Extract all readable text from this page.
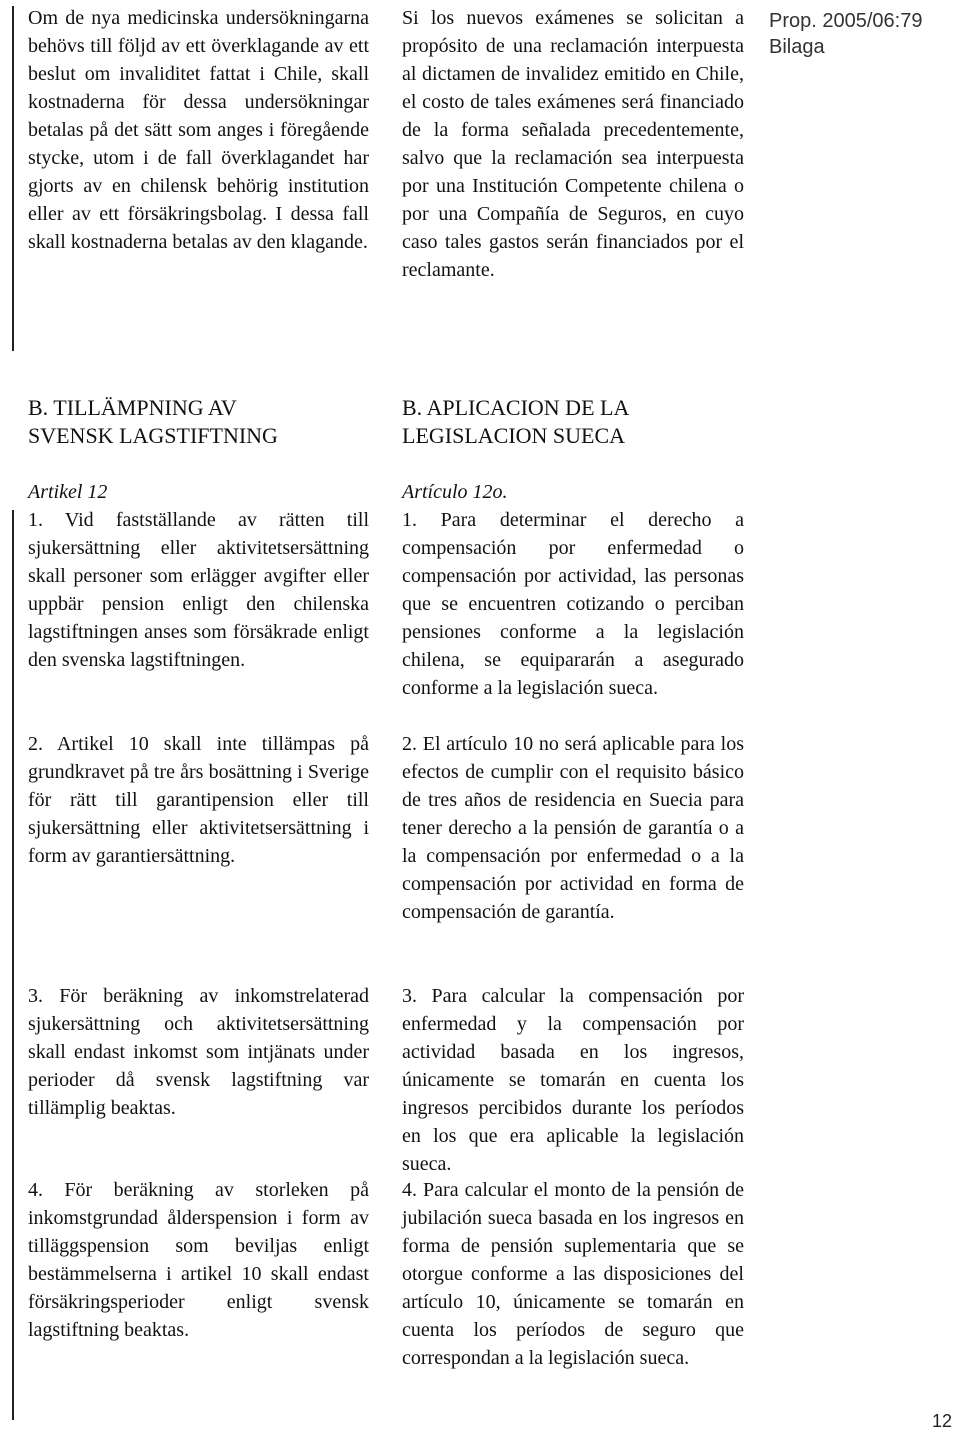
Prop. 2005/06:79
Bilaga

Om de nya medicinska undersökningarna behövs till följd av ett överklagande av ett beslut om invaliditet fattat i Chile, skall kostnaderna för dessa undersökningar betalas på det sätt som anges i föregående stycke, utom i de fall överklagandet har gjorts av en chilensk behörig institution eller av ett försäkringsbolag. I dessa fall skall kostnaderna betalas av den klagande.

Si los nuevos exámenes se solicitan a propósito de una reclamación interpuesta al dictamen de invalidez emitido en Chile, el costo de tales exámenes será financiado de la forma señalada precedentemente, salvo que la reclamación sea interpuesta por una Institución Competente chilena o por una Compañía de Seguros, en cuyo caso tales gastos serán financiados por el reclamante.

B. TILLÄMPNING AV

SVENSK LAGSTIFTNING

B. APLICACION DE LA

LEGISLACION SUECA

Artikel 12	Artículo 12o.

1. Vid fastställande av rätten till sjukersättning eller aktivitetsersättning skall personer som erlägger avgifter eller uppbär pension enligt den chilenska lagstiftningen anses som försäkrade enligt den svenska lagstiftningen.

1. Para determinar el derecho a compensación por enfermedad o compensación por actividad, las personas que se encuentren cotizando o perciban pensiones conforme a la legislación chilena, se equipararán a asegurado conforme a la legislación sueca.

2. Artikel 10 skall inte tillämpas på grundkravet på tre års bosättning i Sverige för rätt till garantipension eller till sjukersättning eller aktivitetsersättning i form av garantiersättning.

2. El artículo 10 no será aplicable para los efectos de cumplir con el requisito básico de tres años de residencia en Suecia para tener derecho a la pensión de garantía o a la compensación por enfermedad o a la compensación por actividad en forma de compensación de garantía.

3. För beräkning av inkomstrelaterad sjukersättning och aktivitetsersättning skall endast inkomst som intjänats under perioder då svensk lagstiftning var tillämplig beaktas.

3. Para calcular la compensación por enfermedad y la compensación por actividad basada en los ingresos, únicamente se tomarán en cuenta los ingresos percibidos durante los períodos en los que era aplicable la legislación sueca.

4. För beräkning av storleken på inkomstgrundad ålderspension i form av tilläggspension som beviljas enligt bestämmelserna i artikel 10 skall endast försäkringsperioder enligt svensk lagstiftning beaktas.

4. Para calcular el monto de la pensión de jubilación sueca basada en los ingresos en forma de pensión suplementaria que se otorgue conforme a las disposiciones del artículo 10, únicamente se tomarán en cuenta los períodos de seguro que correspondan a la legislación sueca.

12
